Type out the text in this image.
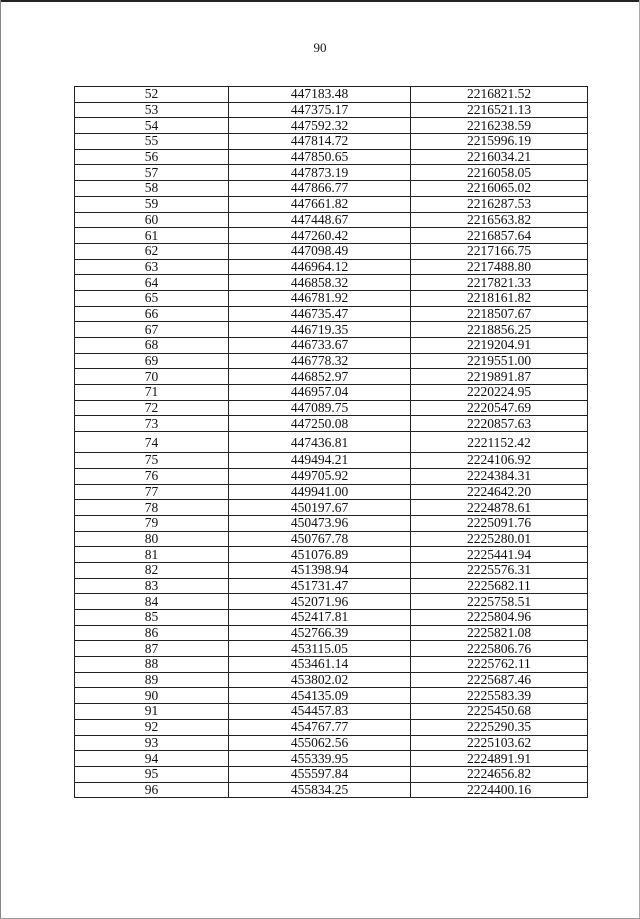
90
52	447183.48	2216821.52
53	447375.17	2216521.13
54	447592.32	2216238.59
55	447814.72	2215996.19
56	447850.65	2216034.21
57	447873.19	2216058.05
58	447866.77	2216065.02
59	447661.82	2216287.53
60	447448.67	2216563.82
61	447260.42	2216857.64
62	447098.49	2217166.75
63	446964.12	2217488.80
64	446858.32	2217821.33
65	446781.92	2218161.82
66	446735.47	2218507.67
67	446719.35	2218856.25
68	446733.67	2219204.91
69	446778.32	2219551.00
70	446852.97	2219891.87
71	446957.04	2220224.95
72	447089.75	2220547.69
73	447250.08	2220857.63
74	447436.81	2221152.42
75	449494.21	2224106.92
76	449705.92	2224384.31
77	449941.00	2224642.20
78	450197.67	2224878.61
79	450473.96	2225091.76
80	450767.78	2225280.01
81	451076.89	2225441.94
82	451398.94	2225576.31
83	451731.47	2225682.11
84	452071.96	2225758.51
85	452417.81	2225804.96
86	452766.39	2225821.08
87	453115.05	2225806.76
88	453461.14	2225762.11
89	453802.02	2225687.46
90	454135.09	2225583.39
91	454457.83	2225450.68
92	454767.77	2225290.35
93	455062.56	2225103.62
94	455339.95	2224891.91
95	455597.84	2224656.82
96	455834.25	2224400.16
